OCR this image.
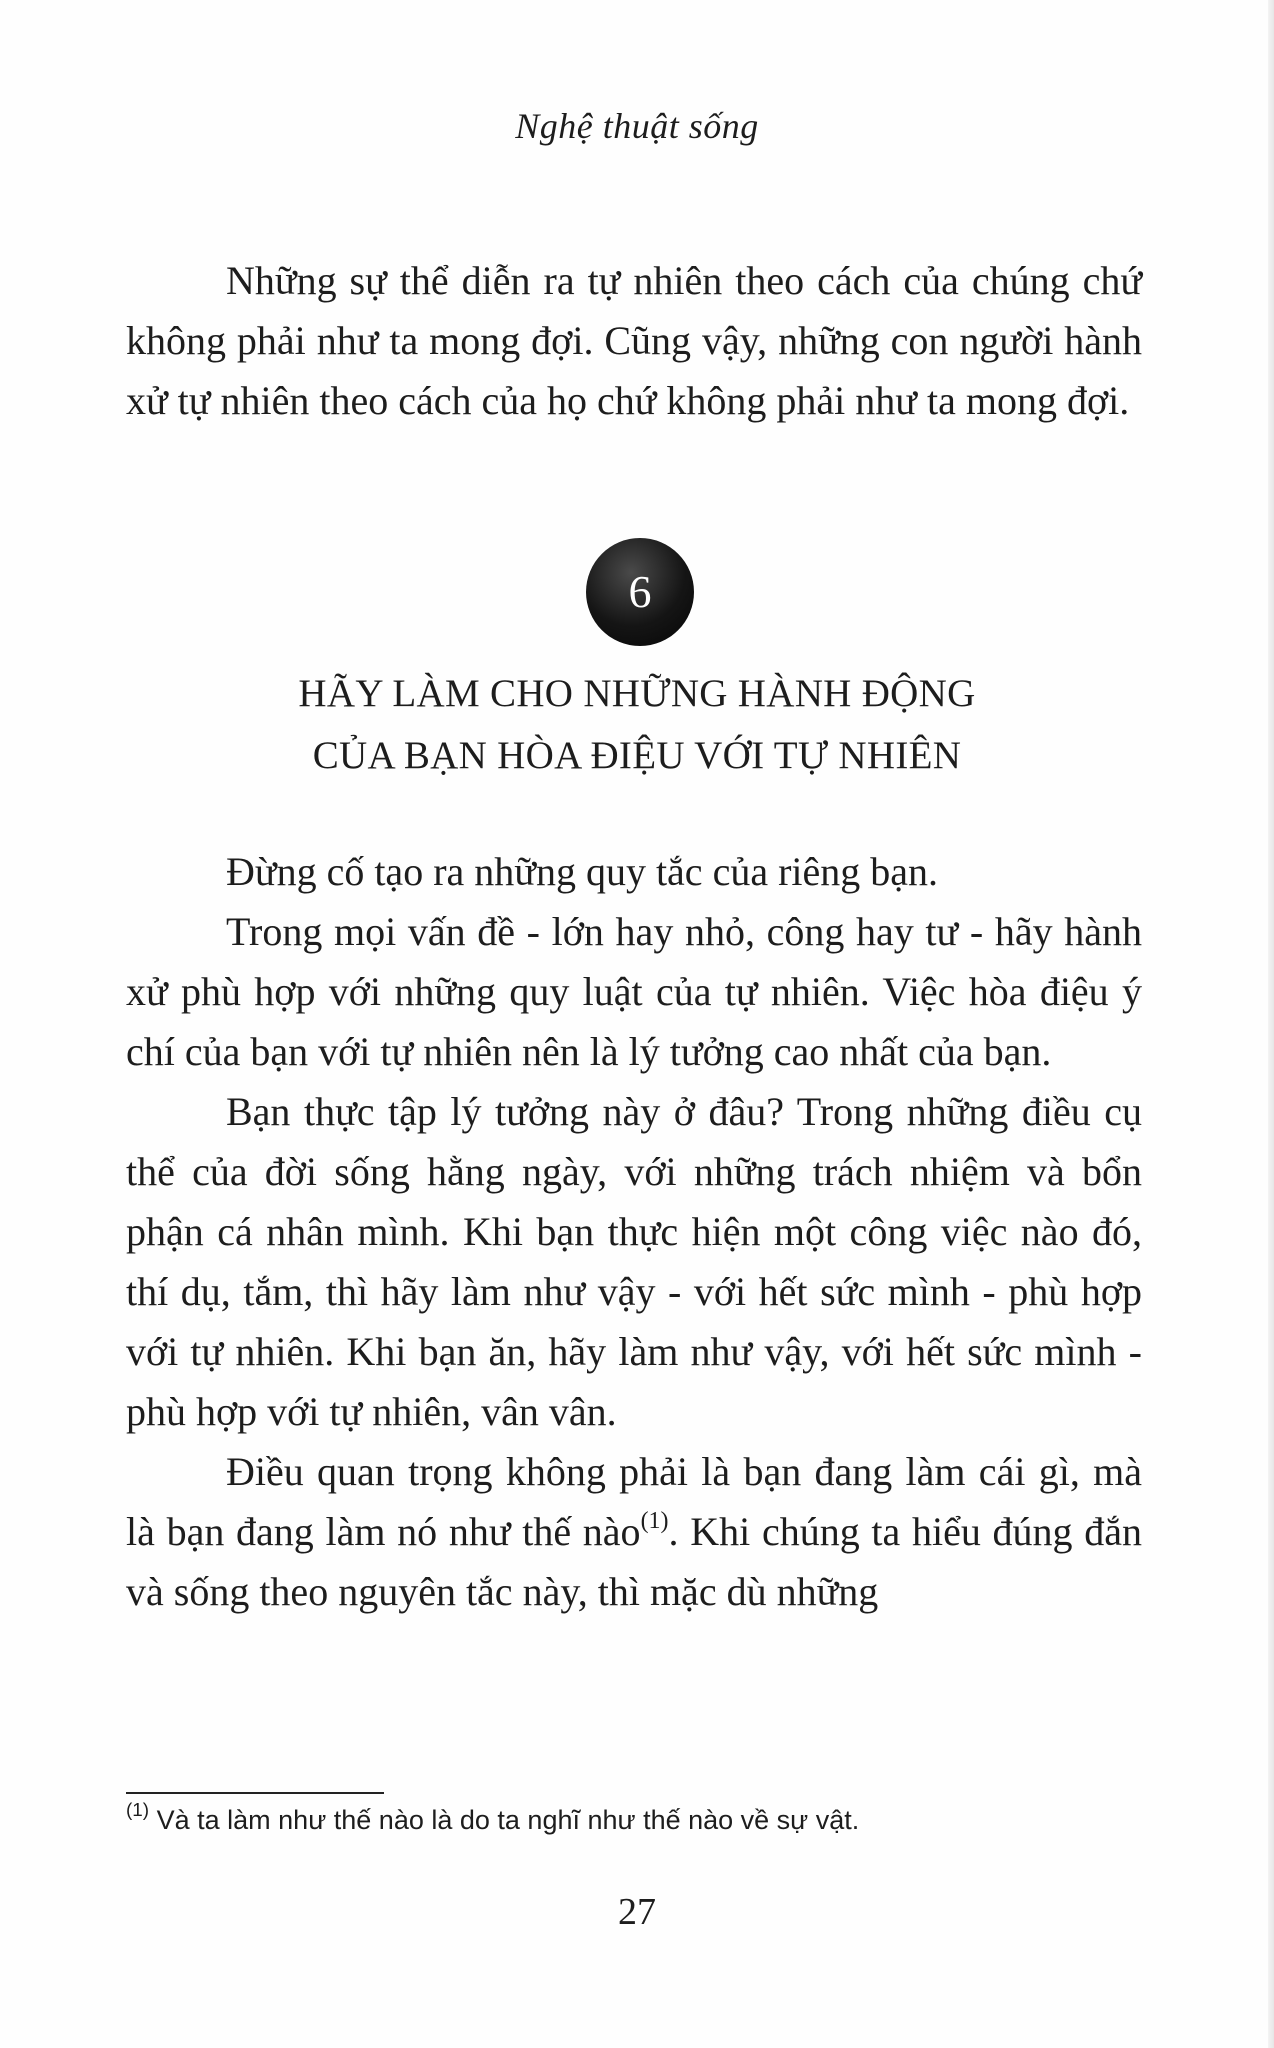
Nghệ thuật sống

Những sự thể diễn ra tự nhiên theo cách của chúng chứ không phải như ta mong đợi. Cũng vậy, những con người hành xử tự nhiên theo cách của họ chứ không phải như ta mong đợi.

6
HÃY LÀM CHO NHỮNG HÀNH ĐỘNG
CỦA BẠN HÒA ĐIỆU VỚI TỰ NHIÊN

Đừng cố tạo ra những quy tắc của riêng bạn.

Trong mọi vấn đề - lớn hay nhỏ, công hay tư - hãy hành xử phù hợp với những quy luật của tự nhiên. Việc hòa điệu ý chí của bạn với tự nhiên nên là lý tưởng cao nhất của bạn.

Bạn thực tập lý tưởng này ở đâu? Trong những điều cụ thể của đời sống hằng ngày, với những trách nhiệm và bổn phận cá nhân mình. Khi bạn thực hiện một công việc nào đó, thí dụ, tắm, thì hãy làm như vậy - với hết sức mình - phù hợp với tự nhiên. Khi bạn ăn, hãy làm như vậy, với hết sức mình - phù hợp với tự nhiên, vân vân.

Điều quan trọng không phải là bạn đang làm cái gì, mà là bạn đang làm nó như thế nào$^{(1)}$. Khi chúng ta hiểu đúng đắn và sống theo nguyên tắc này, thì mặc dù những

$^{(1)}$ Và ta làm như thế nào là do ta nghĩ như thế nào về sự vật.
27
